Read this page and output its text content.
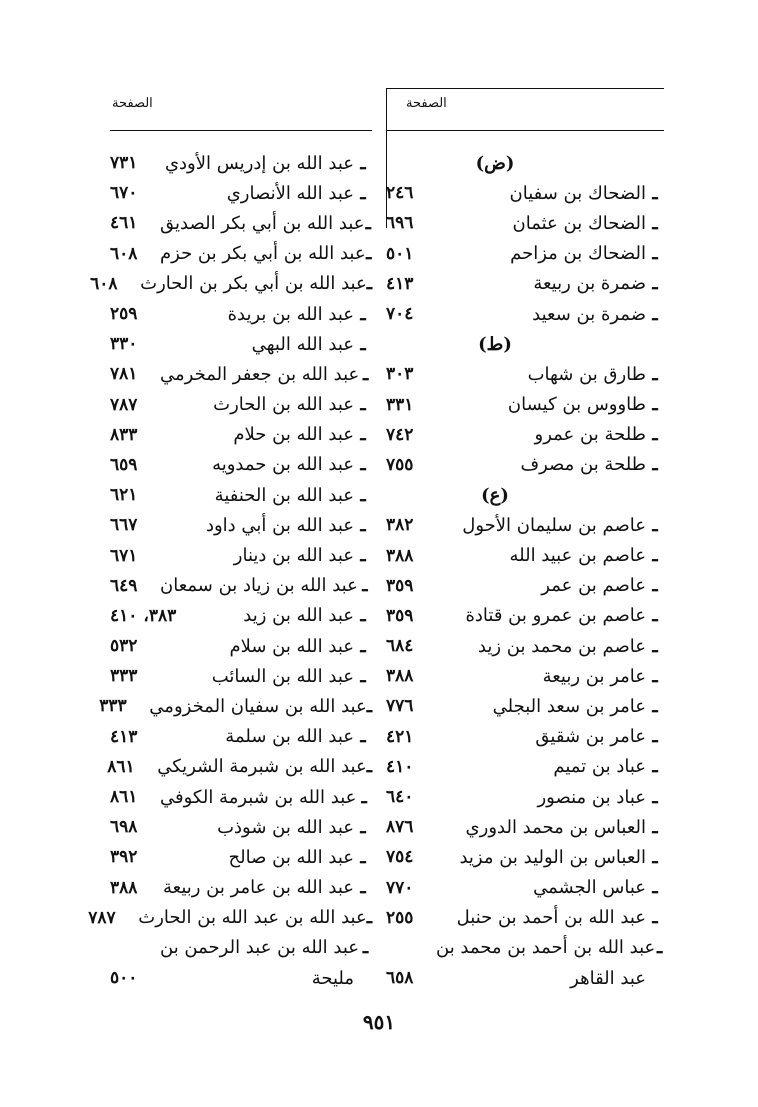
الصفحة
(ض)
ـ
الضحاك بن سفيان
٢٤٦
ـ
الضحاك بن عثمان
٦٩٦
ـ
الضحاك بن مزاحم
٥٠١
ـ
ضمرة بن ربيعة
٤١٣
ـ
ضمرة بن سعيد
٧٠٤
(ط)
ـ
طارق بن شهاب
٣٠٣
ـ
طاووس بن كيسان
٣٣١
ـ
طلحة بن عمرو
٧٤٢
ـ
طلحة بن مصرف
٧٥٥
(ع)
ـ
عاصم بن سليمان الأحول
٣٨٢
ـ
عاصم بن عبيد الله
٣٨٨
ـ
عاصم بن عمر
٣٥٩
ـ
عاصم بن عمرو بن قتادة
٣٥٩
ـ
عاصم بن محمد بن زيد
٦٨٤
ـ
عامر بن ربيعة
٣٨٨
ـ
عامر بن سعد البجلي
٧٧٦
ـ
عامر بن شقيق
٤٢١
ـ
عباد بن تميم
٤١٠
ـ
عباد بن منصور
٦٤٠
ـ
العباس بن محمد الدوري
٨٧٦
ـ
العباس بن الوليد بن مزيد
٧٥٤
ـ
عباس الجشمي
٧٧٠
ـ
عبد الله بن أحمد بن حنبل
٢٥٥
ـ
عبد الله بن أحمد بن محمد بن
عبد القاهر
٦٥٨
الصفحة
ـ
عبد الله بن إدريس الأودي
٧٣١
ـ
عبد الله الأنصاري
٦٧٠
ـ
عبد الله بن أبي بكر الصديق
٤٦١
ـ
عبد الله بن أبي بكر بن حزم
٦٠٨
ـ
عبد الله بن أبي بكر بن الحارث
٦٠٨
ـ
عبد الله بن بريدة
٢٥٩
ـ
عبد الله البهي
٣٣٠
ـ
عبد الله بن جعفر المخرمي
٧٨١
ـ
عبد الله بن الحارث
٧٨٧
ـ
عبد الله بن حلام
٨٣٣
ـ
عبد الله بن حمدويه
٦٥٩
ـ
عبد الله بن الحنفية
٦٢١
ـ
عبد الله بن أبي داود
٦٦٧
ـ
عبد الله بن دينار
٦٧١
ـ
عبد الله بن زياد بن سمعان
٦٤٩
ـ
عبد الله بن زيد
٣٨٣، ٤١٠
ـ
عبد الله بن سلام
٥٣٢
ـ
عبد الله بن السائب
٣٣٣
ـ
عبد الله بن سفيان المخزومي
٣٣٣
ـ
عبد الله بن سلمة
٤١٣
ـ
عبد الله بن شبرمة الشريكي
٨٦١
ـ
عبد الله بن شبرمة الكوفي
٨٦١
ـ
عبد الله بن شوذب
٦٩٨
ـ
عبد الله بن صالح
٣٩٢
ـ
عبد الله بن عامر بن ربيعة
٣٨٨
ـ
عبد الله بن عبد الله بن الحارث
٧٨٧
ـ
عبد الله بن عبد الرحمن بن
مليحة
٥٠٠
٩٥١
